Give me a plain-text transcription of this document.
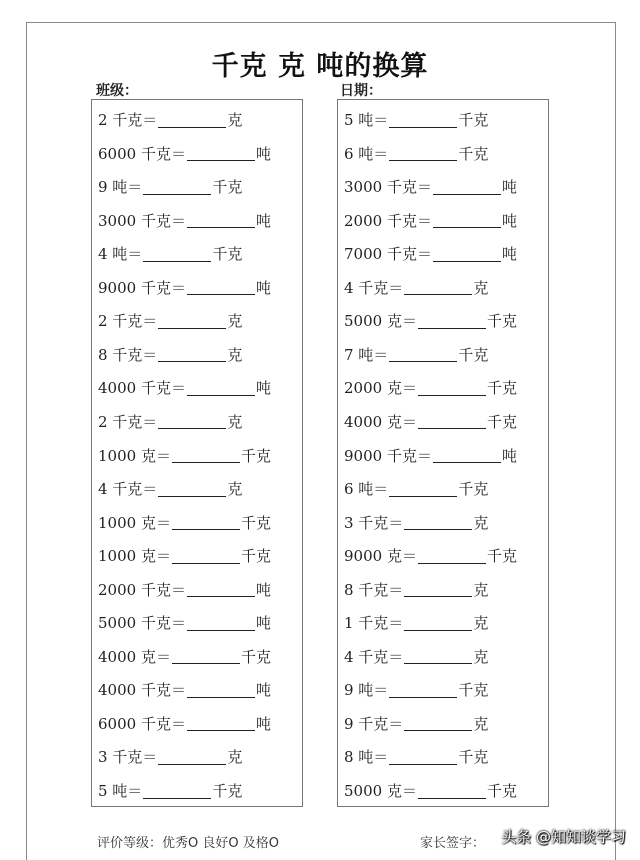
千克 克 吨的换算
班级：	日期：
2 千克＝	克
6000 千克＝	吨
9 吨＝	千克
3000 千克＝	吨
4 吨＝	千克
9000 千克＝	吨
2 千克＝	克
8 千克＝	克
4000 千克＝	吨
2 千克＝	克
1000 克＝	千克
4 千克＝	克
1000 克＝	千克
1000 克＝	千克
2000 千克＝	吨
5000 千克＝	吨
4000 克＝	千克
4000 千克＝	吨
6000 千克＝	吨
3 千克＝	克
5 吨＝	千克
5 吨＝	千克
6 吨＝	千克
3000 千克＝	吨
2000 千克＝	吨
7000 千克＝	吨
4 千克＝	克
5000 克＝	千克
7 吨＝	千克
2000 克＝	千克
4000 克＝	千克
9000 千克＝	吨
6 吨＝	千克
3 千克＝	克
9000 克＝	千克
8 千克＝	克
1 千克＝	克
4 千克＝	克
9 吨＝	千克
9 千克＝	克
8 吨＝	千克
5000 克＝	千克
评价等级：优秀O 良好O 及格O	家长签字： 头条 @知知谈学习
